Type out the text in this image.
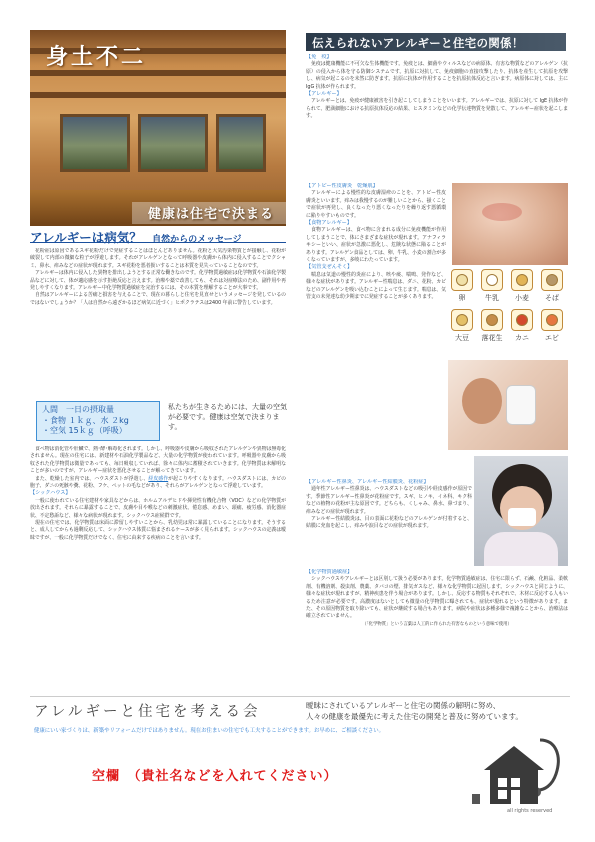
身土不二
健康は住宅で決まる
アレルギーは病気？ 自然からのメッセージ

花粉症は原因であるスギ花粉だけで発症することはほとんどありません。花粉と大気汚染物質とが接触し、花粉が破裂して内部の微細な粒子が浮遊します。それがアレルゲンとなって呼吸器や皮膚から体内に侵入することでクシャミ、鼻水、痒みなどの症状が現れます。スギ花粉を悪者扱いすることは本質を見失っていることなのです。

アレルギーは体内に侵入した異物を排出しようとする正常な働きなのです。化学物質過敏症は化学物質や石油化学製品などに対して、体が適応感を示す拒絶反応と言えます。治療や薬で改善しても、それは対症療法のため、副作用や再発しやすくなります。アレルギー中化学物質過敏症を完治するには、その本質を理解することが大事です。

自然はアレルギーによる苦痛と損害を与えることで、現在の暮らしと住宅を見直せというメッセージを発しているのではないでしょうか？「人は自然から遠ざかるほど病気に近づく」ヒポクラテスは2400 年前に警告しています。

人間　一日の摂取量
・食物 １ｋｇ、水 ２kg
・空気 15ｋｇ（呼吸）
私たちが生きるためには、大量の空気が必要です。健康は空気で決まります。

食べ物は消化管や肝臓で、熱･酵･解毒化されます。しかし、呼吸器や皮膚から吸収されたアレルゲンや異物は無毒化されません。現在の住宅には、新建材や石油化学製品など、大量の化学物質が使われています。呼吸器や皮膚から吸収された化学物質は微量であっても、毎日吸収していれば、徐々に体内に蓄積されていきます。化学物質は未解明なことが多いのですが、アレルギー症状を悪化させることが解ってきています。

また、乾燥した室内では、ハウスダストが浮遊し、経皮感作が起こりやすくなります。ハウスダストには、カビの胞子、ダニの死骸や糞、花粉、フケ、ペットの毛などがあり、それらがアレルゲンとなって浮遊しています。

【シックハウス】

一般に使われている住宅建材や家具などからは、ホルムアルデヒドや揮発性有機化合物（VOC）などの化学物質が放出されます。それらに暴露することで、皮膚や目や喉などの刺激症状、倦怠感、めまい、頭痛、疲労感、消化器症状、不定愁訴など、様々な病状が現れます。シックハウス症候群です。

現在の住宅では、化学物質は床面に滞留しやすいことから、乳幼児は常に暴露していることになります。そうすると、成人してからも過剰反応して、シックハウス体質に悩まされるケースが多く見られます。シックハウスの定義は曖昧ですが、一般に化学物質だけでなく、住宅に由来する疾病のことを言います。

伝えられないアレルギーと住宅の関係！

【免　疫】

免疫は健康機能に不可欠な生体機能です。免疫とは、細菌やウィルスなどの病原体、有害な物質などのアレルゲン（抗原）の侵入から体を守る防御システムです。抗原に対抗して、免疫細胞の直接攻撃したり、抗体を産生して抗原を攻撃し、病気が起こるのを未然に防ぎます。抗原に抗体が作用することを抗原抗体反応と言います。病原体に対しては、主に IgG 抗体が作られます。

【アレルギー】

アレルギーとは、免疫が健康被害を引き起こしてしまうことをいいます。アレルギーでは、抗原に対して IgE 抗体が作られて、肥満細胞における抗原抗体反応の結果、ヒスタミンなどの化学伝達物質を発散して、アレルギー症状を起こします。

【アトピー性皮膚炎　乾燥肌】

アレルギーによる慢性的な皮膚湿疹のことを、アトピー性皮膚炎といいます。痒みは我慢するのが難しいことから、掻くことで症状が再発し、良くなったり悪くなったりを繰り返す悪循環に陥りやすいものです。

【食物アレルギー】

食物アレルギーは、食べ物に含まれる成分に免疫機能が作用してしまうことで、体にさまざまな症状が現れます。アナフィラキシーといい、症状が急激に悪化し、危険な状態に陥ることがあります。アレルゲン食品としては、卵、牛乳、小麦の割合が多くなっていますが、多岐にわたっています。

【気管支ぜんそく】

喘息は気道の慢性的炎症により、咳や痰、喘鳴、発作など、様々な症状があります。アレルギー性喘息は、ダニ、花粉、カビなどのアレルゲンを吸い込むことによって生じます。喘息は、気管支の未発達な幼少期までに発症することが多くあります。	卵	牛乳	小麦	そば
大豆	落花生	カニ	エビ

【アレルギー性鼻炎、アレルギー性結膜炎、花粉症】

通年性アレルギー性鼻炎は、ハウスダストなどの吸引や経皮感作が原因です。季節性アレルギー性鼻炎が花粉症です。スギ、ヒノキ、イネ科、キク科などの植物の花粉が主な原因です。どちらも、くしゃみ、鼻水、鼻づまり、痒みなどの症状が現れます。

アレルギー性結膜炎は、目の表面に花粉などのアレルゲンが付着すると、結膜に充血を起こし、痒みや涙目などの症状が現れます。

【化学物質過敏症】

シックハウスやアレルギーとは区別して扱う必要があります。化学物質過敏症は、住宅に限らず、石鹸、化粧品、柔軟剤、有機溶剤、殺虫剤、農薬、タバコの煙、排気ガスなど、様々な化学物質に起因します。シックハウスと同じように、様々な症状が現れますが、精神疾患を伴う場合があります。しかし、反応する物質もそれぞれで、木材に反応する人もいるため注意が必要です。高濃度はないとしても微量の化学物質に曝されても、症状が現れるという特徴があります。また、その原因物質を取り除いても、症状が継続する場合もあります。病院や症状は多種多様で複雑なことから、治療法は確立されていません。

（「化学物質」という言葉は人工的に作られた有害なものという意味で使用）

アレルギーと住宅を考える会	曖昧にされているアレルギーと住宅の関係の解明に努め、
人々の健康を最優先に考えた住宅の開発と普及に努めています。
健康にいい家づくりは、新築やリフォームだけではありません。現在お住まいの住宅でも工夫することができます。お早めに、ご相談ください。
空欄　（貴社名などを入れてください）
all rights reserved
